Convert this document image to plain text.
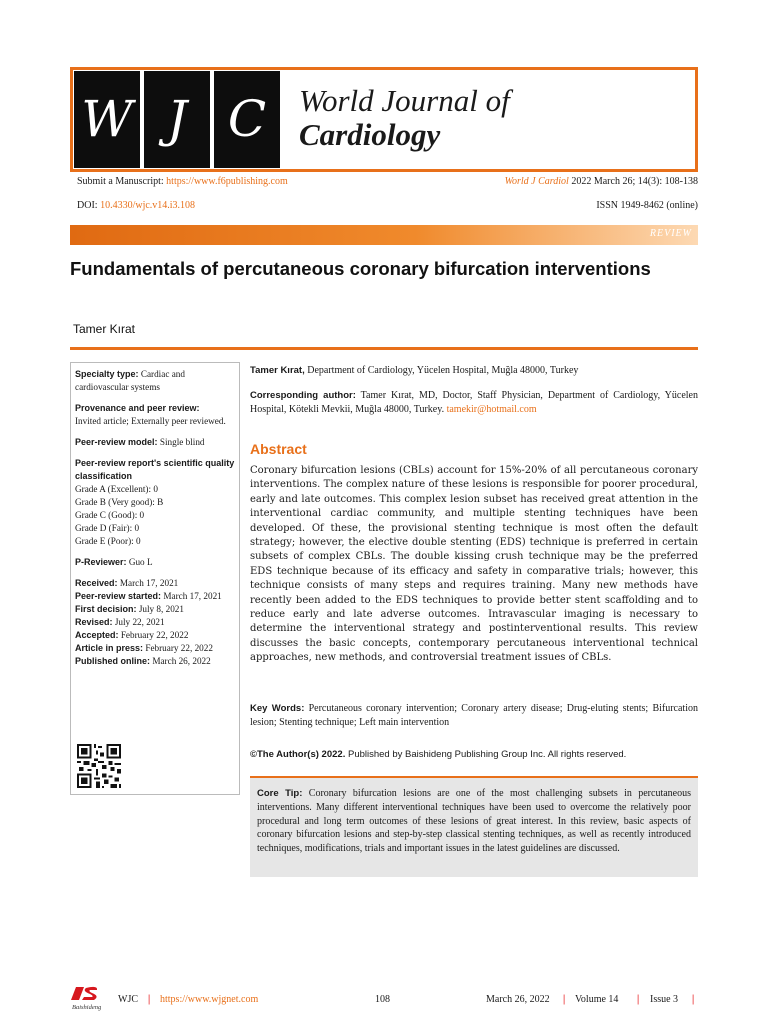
W J C	World Journal of
Cardiology
Submit a Manuscript: https://www.f6publishing.com	World J Cardiol 2022 March 26; 14(3): 108-138
DOI: 10.4330/wjc.v14.i3.108	ISSN 1949-8462 (online)
REVIEW
Fundamentals of percutaneous coronary bifurcation interventions
Tamer Kırat
Specialty type: Cardiac and cardiovascular systems
Provenance and peer review:
Invited article; Externally peer reviewed.
Peer-review model: Single blind
Peer-review report's scientific quality classification
Grade A (Excellent): 0
Grade B (Very good): B
Grade C (Good): 0
Grade D (Fair): 0
Grade E (Poor): 0
P-Reviewer: Guo L
Received: March 17, 2021
Peer-review started: March 17, 2021
First decision: July 8, 2021
Revised: July 22, 2021
Accepted: February 22, 2022
Article in press: February 22, 2022
Published online: March 26, 2022

Tamer Kırat, Department of Cardiology, Yücelen Hospital, Muğla 48000, Turkey

Corresponding author: Tamer Kırat, MD, Doctor, Staff Physician, Department of Cardiology, Yücelen Hospital, Kötekli Mevkii, Muğla 48000, Turkey. tamekir@hotmail.com

Abstract

Coronary bifurcation lesions (CBLs) account for 15%-20% of all percutaneous coronary interventions. The complex nature of these lesions is responsible for poorer procedural, early and late outcomes. This complex lesion subset has received great attention in the interventional cardiac community, and multiple stenting techniques have been developed. Of these, the provisional stenting technique is most often the default strategy; however, the elective double stenting (EDS) technique is preferred in certain subsets of complex CBLs. The double kissing crush technique may be the preferred EDS technique because of its efficacy and safety in comparative trials; however, this technique consists of many steps and requires training. Many new methods have recently been added to the EDS techniques to provide better stent scaffolding and to reduce early and late adverse outcomes. Intravascular imaging is necessary to determine the interventional strategy and postinterventional results. This review discusses the basic concepts, contemporary percutaneous interventional technical approaches, new methods, and controversial treatment issues of CBLs.

Key Words: Percutaneous coronary intervention; Coronary artery disease; Drug-eluting stents; Bifurcation lesion; Stenting technique; Left main intervention

©The Author(s) 2022. Published by Baishideng Publishing Group Inc. All rights reserved.

Core Tip: Coronary bifurcation lesions are one of the most challenging subsets in percutaneous interventions. Many different interventional techniques have been used to overcome the relatively poor procedural and long term outcomes of these lesions of great interest. In this review, basic aspects of coronary bifurcation lesions and step-by-step classical stenting techniques, as well as recently introduced techniques, modifications, trials and important issues in the latest guidelines are discussed.
Baishideng
WJC | https://www.wjgnet.com	108	March 26, 2022 | Volume 14 | Issue 3 |
